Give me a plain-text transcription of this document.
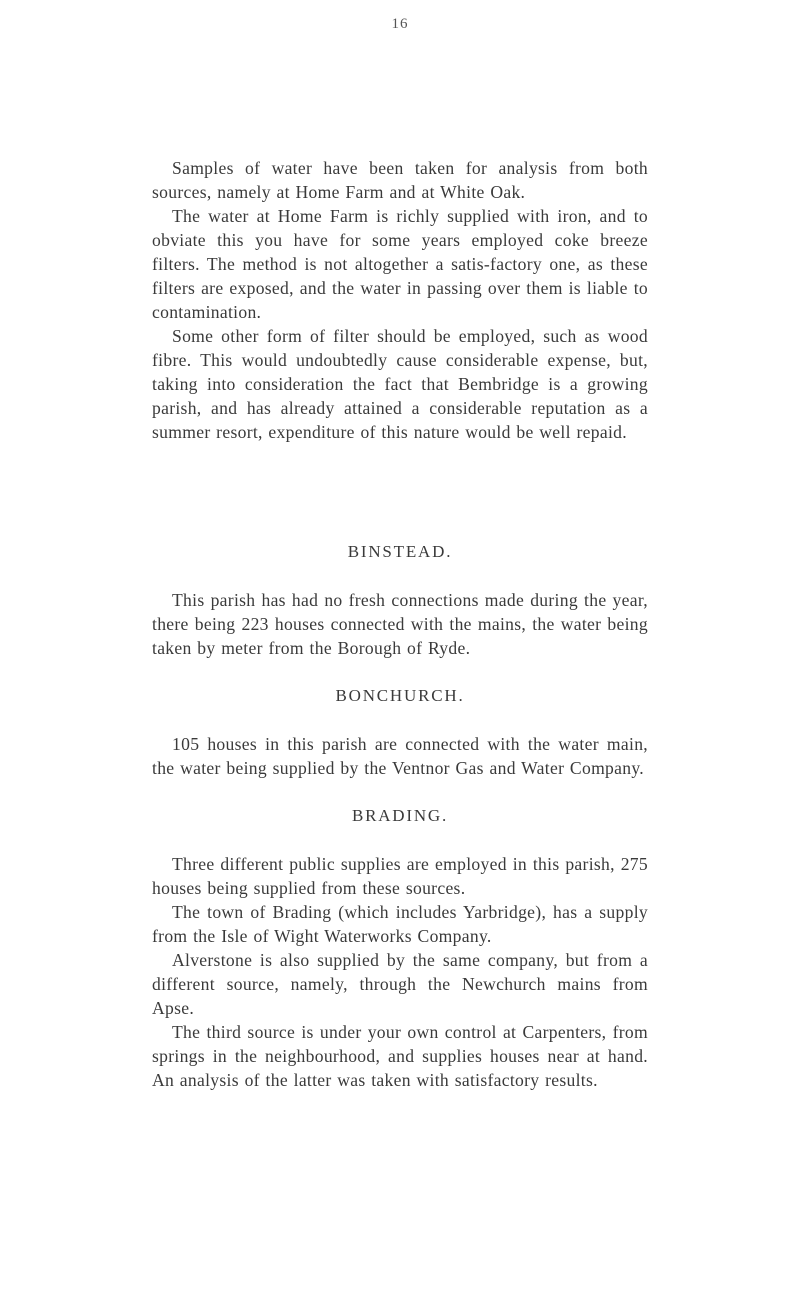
16

Samples of water have been taken for analysis from both sources, namely at Home Farm and at White Oak.

The water at Home Farm is richly supplied with iron, and to obviate this you have for some years employed coke breeze filters. The method is not altogether a satis-factory one, as these filters are exposed, and the water in passing over them is liable to contamination.

Some other form of filter should be employed, such as wood fibre. This would undoubtedly cause considerable expense, but, taking into consideration the fact that Bembridge is a growing parish, and has already attained a considerable reputation as a summer resort, expenditure of this nature would be well repaid.

BINSTEAD.

This parish has had no fresh connections made during the year, there being 223 houses connected with the mains, the water being taken by meter from the Borough of Ryde.

BONCHURCH.

105 houses in this parish are connected with the water main, the water being supplied by the Ventnor Gas and Water Company.

BRADING.

Three different public supplies are employed in this parish, 275 houses being supplied from these sources.

The town of Brading (which includes Yarbridge), has a supply from the Isle of Wight Waterworks Company.

Alverstone is also supplied by the same company, but from a different source, namely, through the Newchurch mains from Apse.

The third source is under your own control at Carpenters, from springs in the neighbourhood, and supplies houses near at hand. An analysis of the latter was taken with satisfactory results.
